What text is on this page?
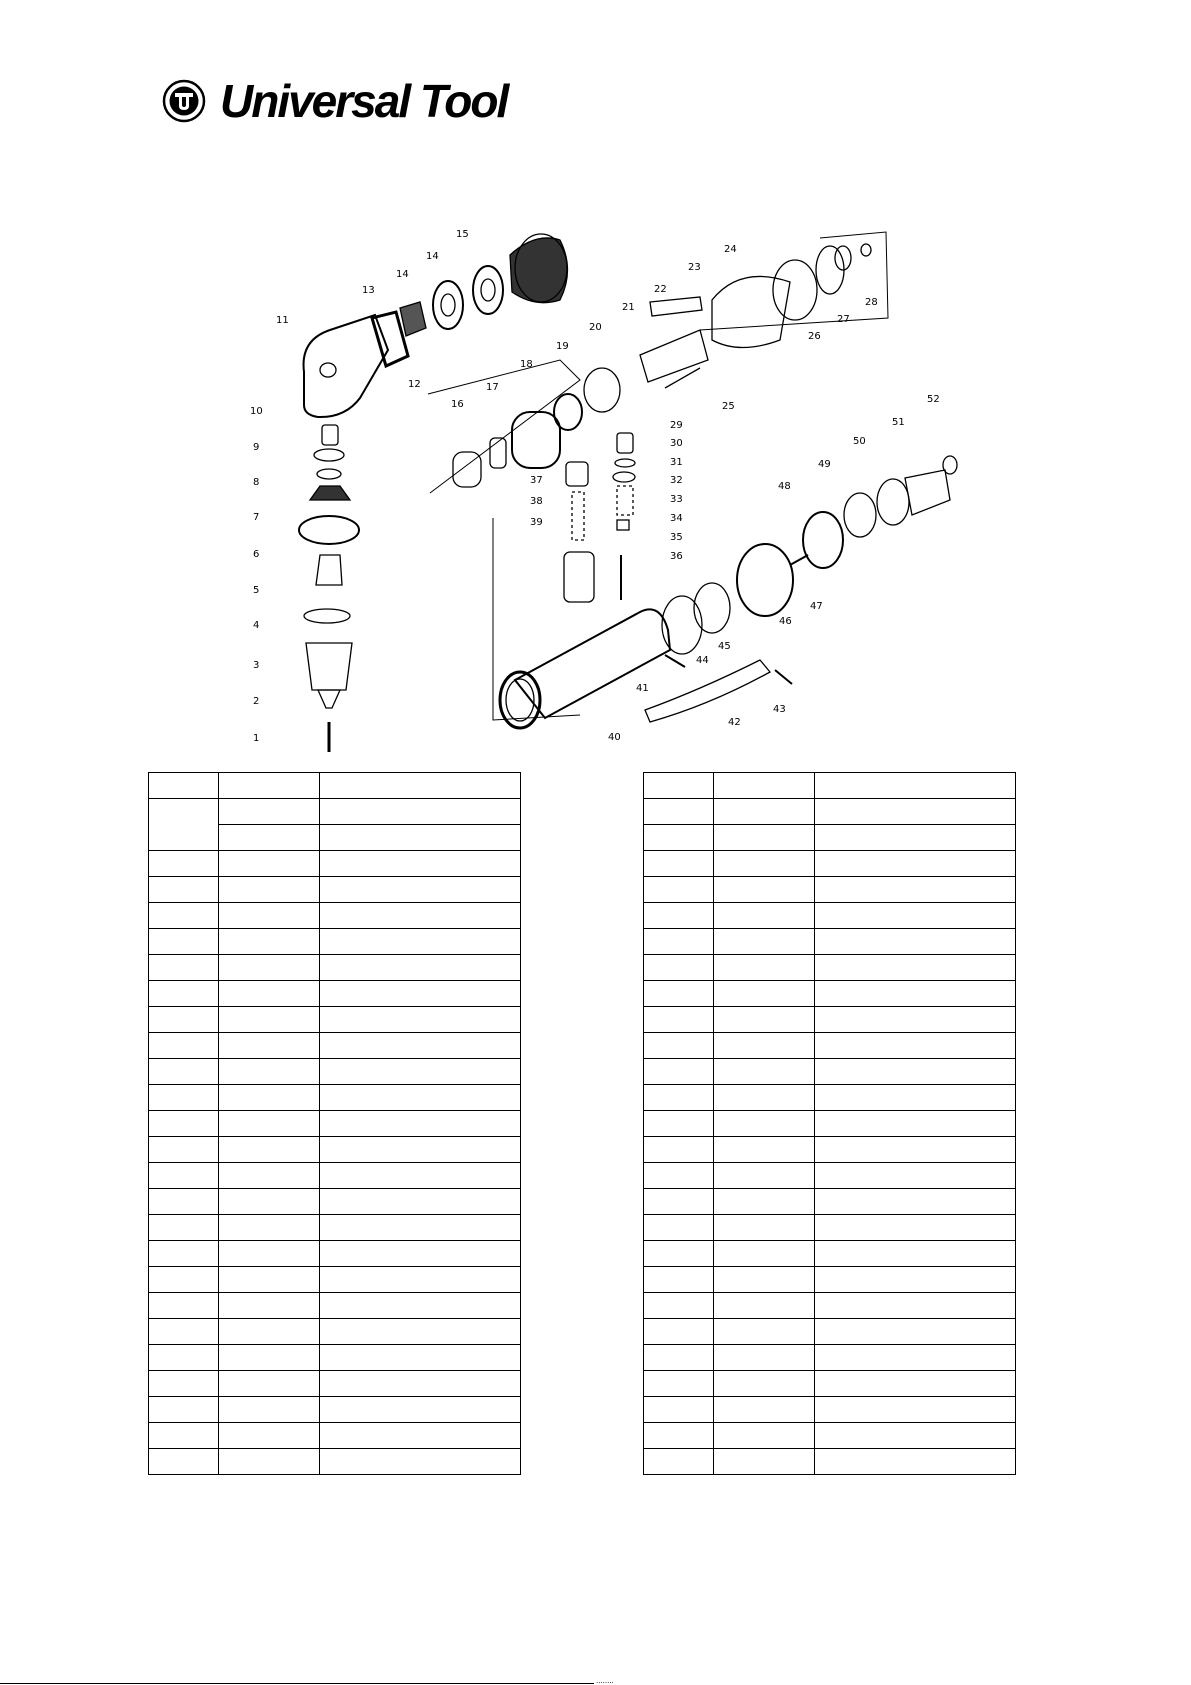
Universal Tool
1
2
3
4
5
6
7
8
9
10
11
12
13
14
14
15
16
17
18
19
20
21
22
23
24
25
26
27
28
29
30
31
32
33
34
35
36
37
38
39
40
41
42
43
44
45
46
47
48
49
50
51
52

........
